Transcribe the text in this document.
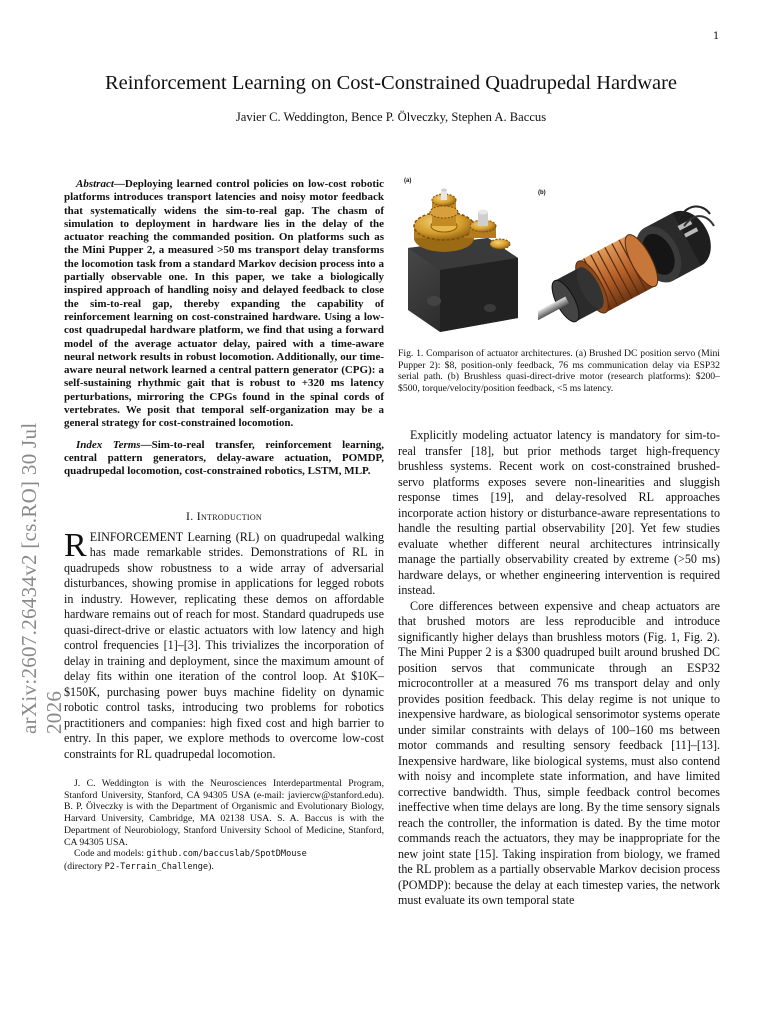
1
Reinforcement Learning on Cost-Constrained Quadrupedal Hardware
Javier C. Weddington, Bence P. Ölveczky, Stephen A. Baccus
arXiv:2607.26434v2 [cs.RO] 30 Jul 2026

Abstract—Deploying learned control policies on low-cost robotic platforms introduces transport latencies and noisy motor feedback that systematically widens the sim-to-real gap. The chasm of simulation to deployment in hardware lies in the delay of the actuator reaching the commanded position. On platforms such as the Mini Pupper 2, a measured >50 ms transport delay transforms the locomotion task from a standard Markov decision process into a partially observable one. In this paper, we take a biologically inspired approach of handling noisy and delayed feedback to close the sim-to-real gap, thereby expanding the capability of reinforcement learning on cost-constrained hardware. Using a low-cost quadrupedal hardware platform, we find that using a forward model of the average actuator delay, paired with a time-aware neural network results in robust locomotion. Additionally, our time-aware neural network learned a central pattern generator (CPG): a self-sustaining rhythmic gait that is robust to +320 ms latency perturbations, mirroring the CPGs found in the spinal cords of vertebrates. We posit that temporal self-organization may be a general strategy for cost-constrained locomotion.

Index Terms—Sim-to-real transfer, reinforcement learning, central pattern generators, delay-aware actuation, POMDP, quadrupedal locomotion, cost-constrained robotics, LSTM, MLP.

I. Introduction

REINFORCEMENT Learning (RL) on quadrupedal walking has made remarkable strides. Demonstrations of RL in quadrupeds show robustness to a wide array of adversarial disturbances, showing promise in applications for legged robots in industry. However, replicating these demos on affordable hardware remains out of reach for most. Standard quadrupeds use quasi-direct-drive or elastic actuators with low latency and high control frequencies [1]–[3]. This trivializes the incorporation of delay in training and deployment, since the maximum amount of delay fits within one iteration of the control loop. At $10K–$150K, purchasing power buys machine fidelity on dynamic robotic control tasks, introducing two problems for robotics practitioners and companies: high fixed cost and high barrier to entry. In this paper, we explore methods to overcome low-cost constraints for RL quadrupedal locomotion.

J. C. Weddington is with the Neurosciences Interdepartmental Program, Stanford University, Stanford, CA 94305 USA (e-mail: javiercw@stanford.edu). B. P. Ölveczky is with the Department of Organismic and Evolutionary Biology, Harvard University, Cambridge, MA 02138 USA. S. A. Baccus is with the Department of Neurobiology, Stanford University School of Medicine, Stanford, CA 94305 USA.

Code and models: github.com/baccuslab/SpotDMouse
(directory P2-Terrain_Challenge).

(a)
(b)

Fig. 1. Comparison of actuator architectures. (a) Brushed DC position servo (Mini Pupper 2): $8, position-only feedback, 76 ms communication delay via ESP32 serial path. (b) Brushless quasi-direct-drive motor (research platforms): $200–$500, torque/velocity/position feedback, <5 ms latency.

Explicitly modeling actuator latency is mandatory for sim-to-real transfer [18], but prior methods target high-frequency brushless systems. Recent work on cost-constrained brushed-servo platforms exposes severe non-linearities and sluggish response times [19], and delay-resolved RL approaches incorporate action history or disturbance-aware representations to handle the resulting partial observability [20]. Yet few studies evaluate whether different neural architectures intrinsically manage the partially observability created by extreme (>50 ms) hardware delays, or whether engineering intervention is required instead.

Core differences between expensive and cheap actuators are that brushed motors are less reproducible and introduce significantly higher delays than brushless motors (Fig. 1, Fig. 2). The Mini Pupper 2 is a $300 quadruped built around brushed DC position servos that communicate through an ESP32 microcontroller at a measured 76 ms transport delay and only provides position feedback. This delay regime is not unique to inexpensive hardware, as biological sensorimotor systems operate under similar constraints with delays of 100–160 ms between motor commands and resulting sensory feedback [11]–[13]. Inexpensive hardware, like biological systems, must also contend with noisy and incomplete state information, and have limited corrective bandwidth. Thus, simple feedback control becomes ineffective when time delays are long. By the time sensory signals reach the controller, the information is dated. By the time motor commands reach the actuators, they may be inappropriate for the new joint state [15]. Taking inspiration from biology, we framed the RL problem as a partially observable Markov decision process (POMDP): because the delay at each timestep varies, the network must evaluate its own temporal state
